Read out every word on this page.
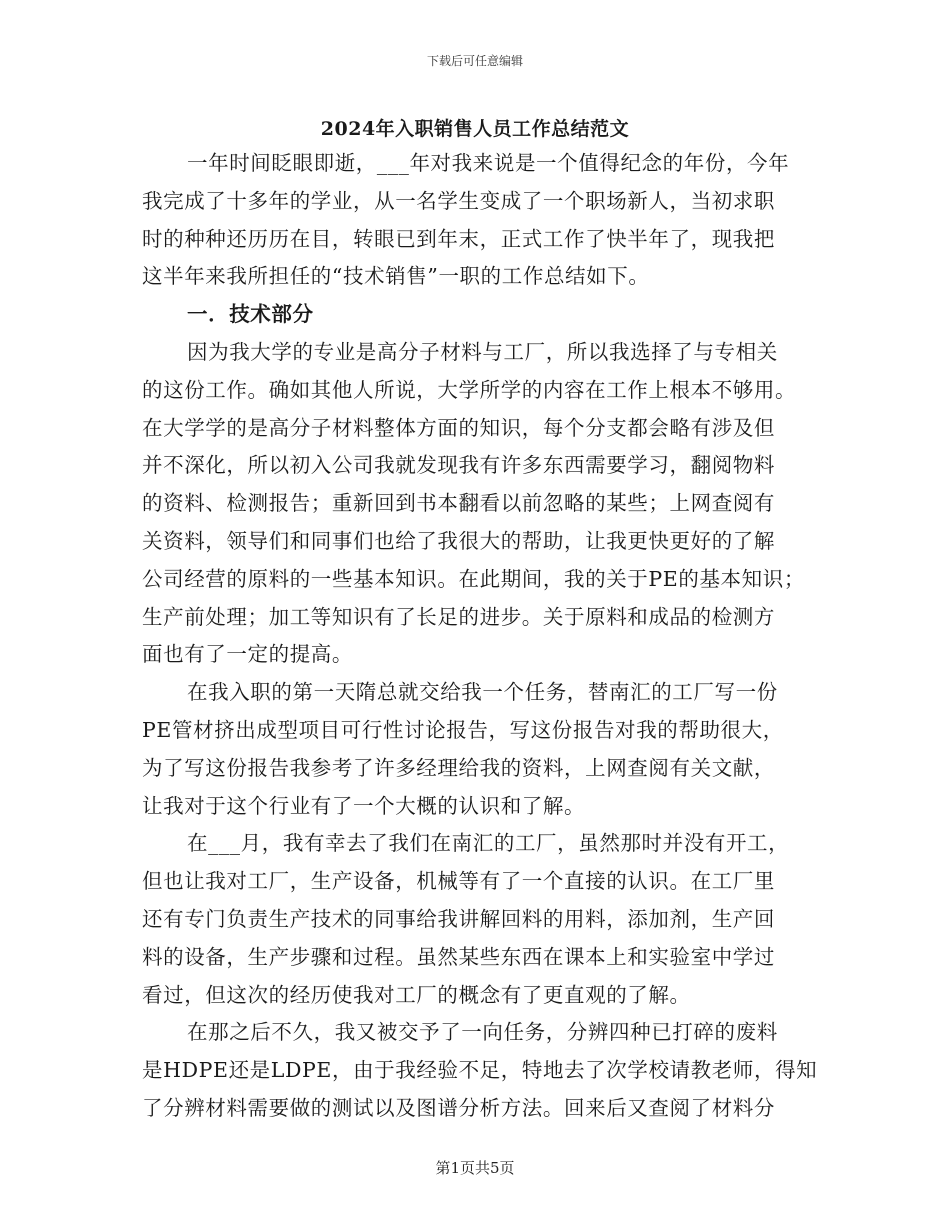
下载后可任意编辑
2024年入职销售人员工作总结范文
一年时间眨眼即逝，___年对我来说是一个值得纪念的年份，今年
我完成了十多年的学业，从一名学生变成了一个职场新人，当初求职
时的种种还历历在目，转眼已到年末，正式工作了快半年了，现我把
这半年来我所担任的“技术销售”一职的工作总结如下。
一．技术部分
因为我大学的专业是高分子材料与工厂，所以我选择了与专相关
的这份工作。确如其他人所说，大学所学的内容在工作上根本不够用。
在大学学的是高分子材料整体方面的知识，每个分支都会略有涉及但
并不深化，所以初入公司我就发现我有许多东西需要学习，翻阅物料
的资料、检测报告；重新回到书本翻看以前忽略的某些；上网查阅有
关资料，领导们和同事们也给了我很大的帮助，让我更快更好的了解
公司经营的原料的一些基本知识。在此期间，我的关于PE的基本知识；
生产前处理；加工等知识有了长足的进步。关于原料和成品的检测方
面也有了一定的提高。
在我入职的第一天隋总就交给我一个任务，替南汇的工厂写一份
PE管材挤出成型项目可行性讨论报告，写这份报告对我的帮助很大，
为了写这份报告我参考了许多经理给我的资料，上网查阅有关文献，
让我对于这个行业有了一个大概的认识和了解。
在___月，我有幸去了我们在南汇的工厂，虽然那时并没有开工，
但也让我对工厂，生产设备，机械等有了一个直接的认识。在工厂里
还有专门负责生产技术的同事给我讲解回料的用料，添加剂，生产回
料的设备，生产步骤和过程。虽然某些东西在课本上和实验室中学过
看过，但这次的经历使我对工厂的概念有了更直观的了解。
在那之后不久，我又被交予了一向任务，分辨四种已打碎的废料
是HDPE还是LDPE，由于我经验不足，特地去了次学校请教老师，得知
了分辨材料需要做的测试以及图谱分析方法。回来后又查阅了材料分
第1页共5页
